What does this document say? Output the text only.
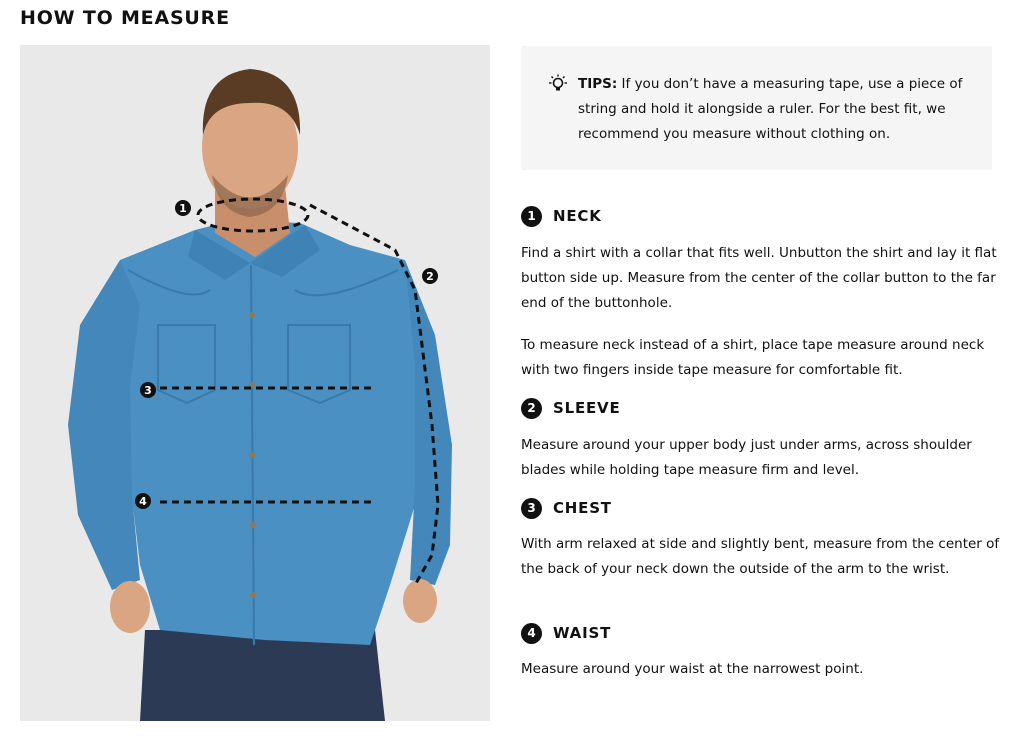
HOW TO MEASURE
1
2
3
4

TIPS: If you don’t have a measuring tape, use a piece of string and hold it alongside a ruler. For the best fit, we recommend you measure without clothing on.

1	NECK

Find a shirt with a collar that fits well. Unbutton the shirt and lay it flat button side up. Measure from the center of the collar button to the far end of the buttonhole.

To measure neck instead of a shirt, place tape measure around neck with two fingers inside tape measure for comfortable fit.

2	SLEEVE

Measure around your upper body just under arms, across shoulder blades while holding tape measure firm and level.

3	CHEST

With arm relaxed at side and slightly bent, measure from the center of the back of your neck down the outside of the arm to the wrist.

4	WAIST

Measure around your waist at the narrowest point.
